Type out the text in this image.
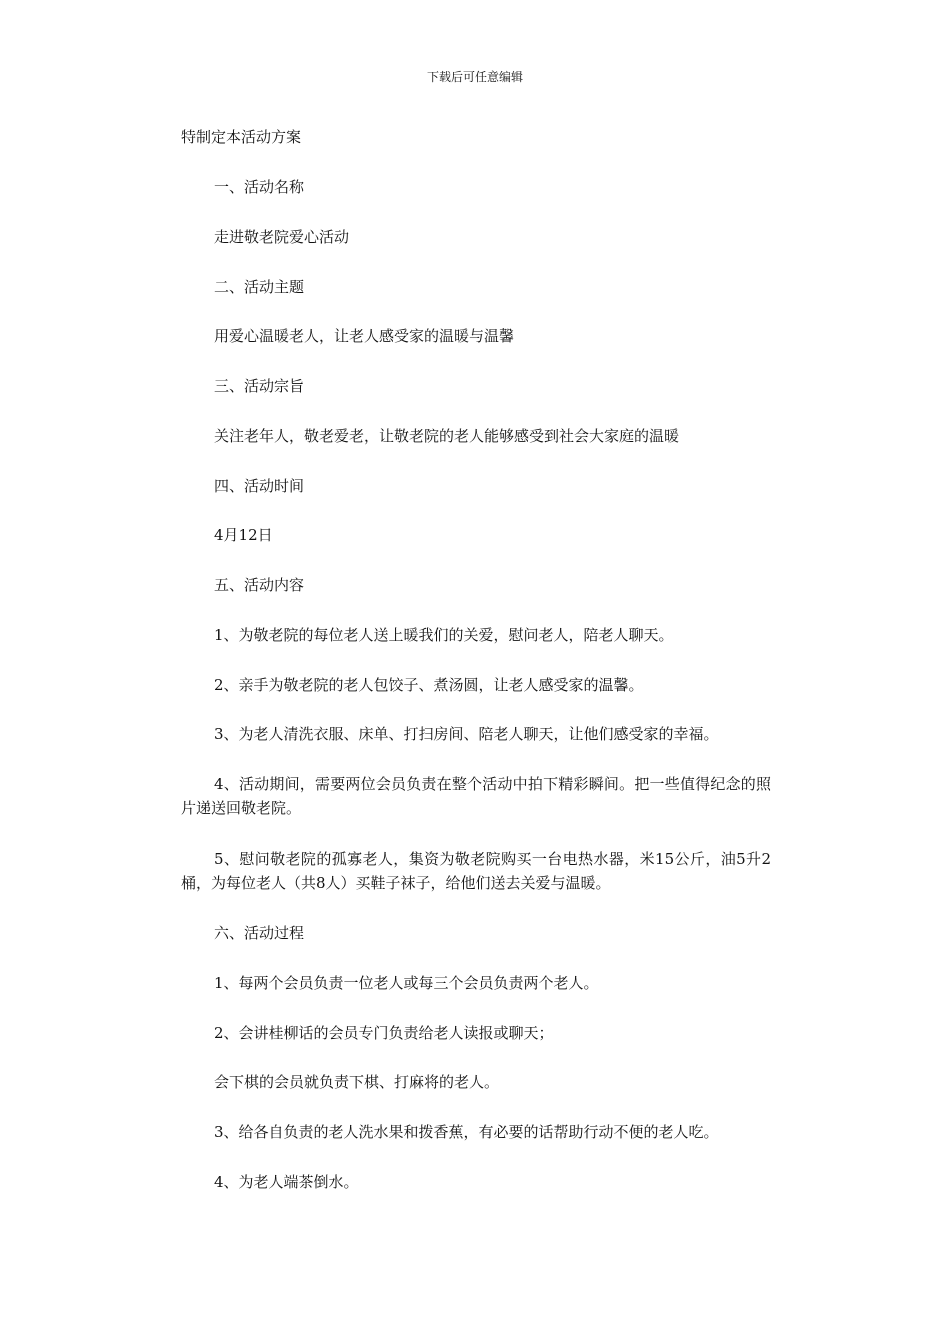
下载后可任意编辑
特制定本活动方案
一、活动名称
走进敬老院爱心活动
二、活动主题
用爱心温暖老人，让老人感受家的温暖与温馨
三、活动宗旨
关注老年人，敬老爱老，让敬老院的老人能够感受到社会大家庭的温暖
四、活动时间
4月12日
五、活动内容
1、为敬老院的每位老人送上暖我们的关爱，慰问老人，陪老人聊天。
2、亲手为敬老院的老人包饺子、煮汤圆，让老人感受家的温馨。
3、为老人清洗衣服、床单、打扫房间、陪老人聊天，让他们感受家的幸福。
4、活动期间，需要两位会员负责在整个活动中拍下精彩瞬间。把一些值得纪念的照片递送回敬老院。
5、慰问敬老院的孤寡老人，集资为敬老院购买一台电热水器，米15公斤，油5升2桶，为每位老人（共8人）买鞋子袜子，给他们送去关爱与温暖。
六、活动过程
1、每两个会员负责一位老人或每三个会员负责两个老人。
2、会讲桂柳话的会员专门负责给老人读报或聊天；
会下棋的会员就负责下棋、打麻将的老人。
3、给各自负责的老人洗水果和拨香蕉，有必要的话帮助行动不便的老人吃。
4、为老人端茶倒水。
